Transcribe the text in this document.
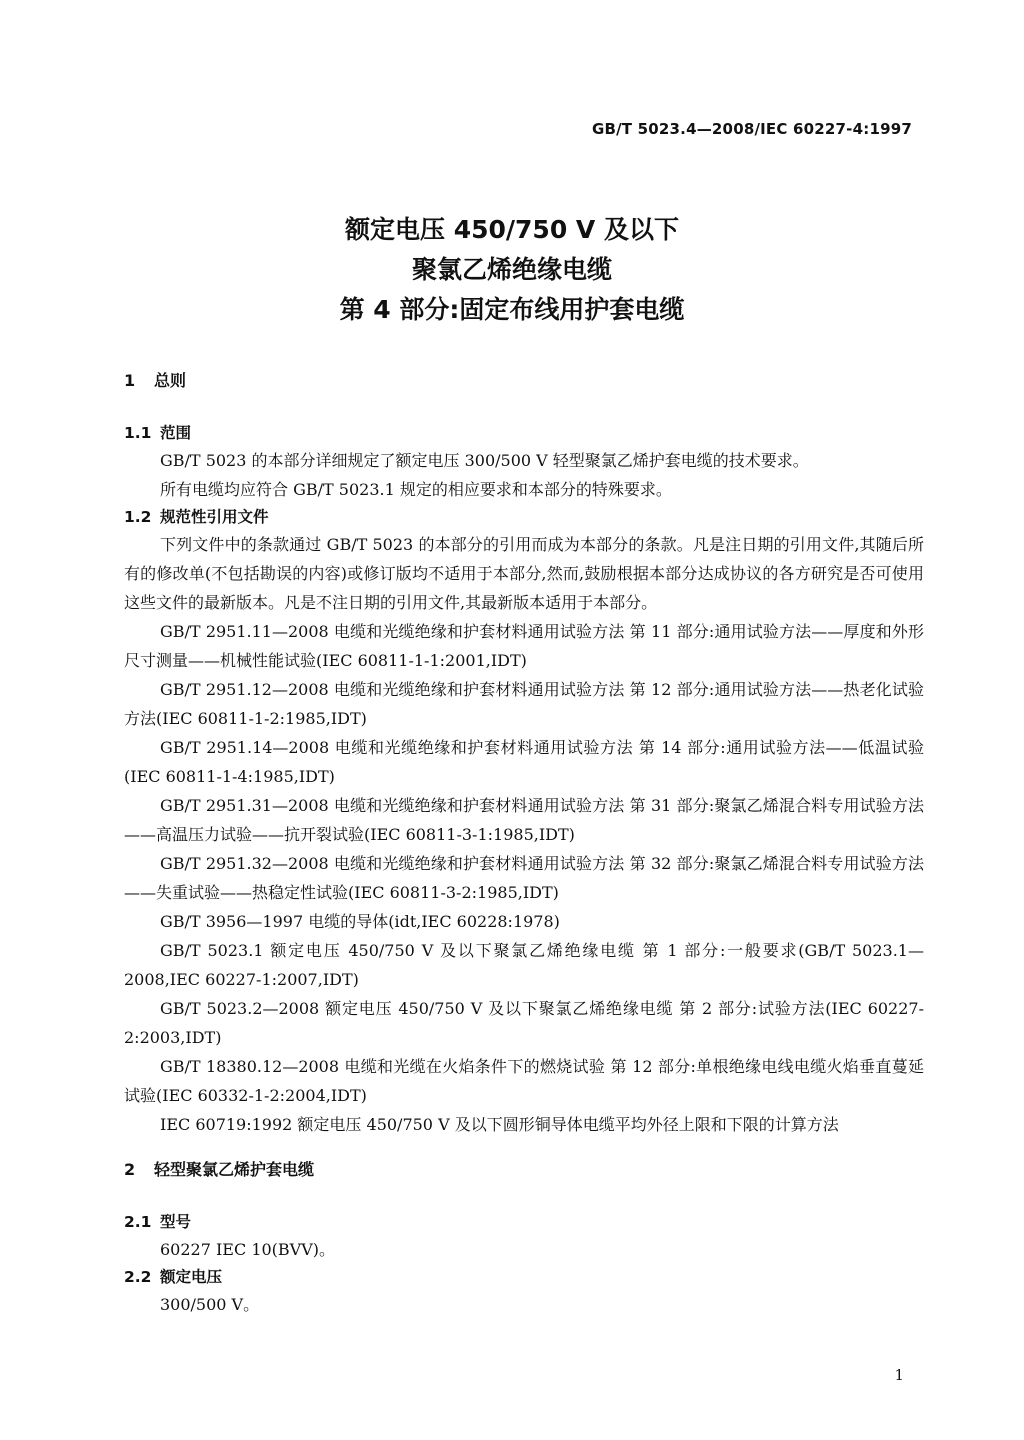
GB/T 5023.4—2008/IEC 60227-4:1997
额定电压 450/750 V 及以下
聚氯乙烯绝缘电缆
第 4 部分:固定布线用护套电缆
1 总则
1.1 范围
GB/T 5023 的本部分详细规定了额定电压 300/500 V 轻型聚氯乙烯护套电缆的技术要求。
所有电缆均应符合 GB/T 5023.1 规定的相应要求和本部分的特殊要求。
1.2 规范性引用文件
下列文件中的条款通过 GB/T 5023 的本部分的引用而成为本部分的条款。凡是注日期的引用文件,其随后所有的修改单(不包括勘误的内容)或修订版均不适用于本部分,然而,鼓励根据本部分达成协议的各方研究是否可使用这些文件的最新版本。凡是不注日期的引用文件,其最新版本适用于本部分。
GB/T 2951.11—2008 电缆和光缆绝缘和护套材料通用试验方法 第 11 部分:通用试验方法——厚度和外形尺寸测量——机械性能试验(IEC 60811-1-1:2001,IDT)
GB/T 2951.12—2008 电缆和光缆绝缘和护套材料通用试验方法 第 12 部分:通用试验方法——热老化试验方法(IEC 60811-1-2:1985,IDT)
GB/T 2951.14—2008 电缆和光缆绝缘和护套材料通用试验方法 第 14 部分:通用试验方法——低温试验(IEC 60811-1-4:1985,IDT)
GB/T 2951.31—2008 电缆和光缆绝缘和护套材料通用试验方法 第 31 部分:聚氯乙烯混合料专用试验方法——高温压力试验——抗开裂试验(IEC 60811-3-1:1985,IDT)
GB/T 2951.32—2008 电缆和光缆绝缘和护套材料通用试验方法 第 32 部分:聚氯乙烯混合料专用试验方法——失重试验——热稳定性试验(IEC 60811-3-2:1985,IDT)
GB/T 3956—1997 电缆的导体(idt,IEC 60228:1978)
GB/T 5023.1 额定电压 450/750 V 及以下聚氯乙烯绝缘电缆 第 1 部分:一般要求(GB/T 5023.1—2008,IEC 60227-1:2007,IDT)
GB/T 5023.2—2008 额定电压 450/750 V 及以下聚氯乙烯绝缘电缆 第 2 部分:试验方法(IEC 60227-2:2003,IDT)
GB/T 18380.12—2008 电缆和光缆在火焰条件下的燃烧试验 第 12 部分:单根绝缘电线电缆火焰垂直蔓延试验(IEC 60332-1-2:2004,IDT)
IEC 60719:1992 额定电压 450/750 V 及以下圆形铜导体电缆平均外径上限和下限的计算方法
2 轻型聚氯乙烯护套电缆
2.1 型号
60227 IEC 10(BVV)。
2.2 额定电压
300/500 V。
1
